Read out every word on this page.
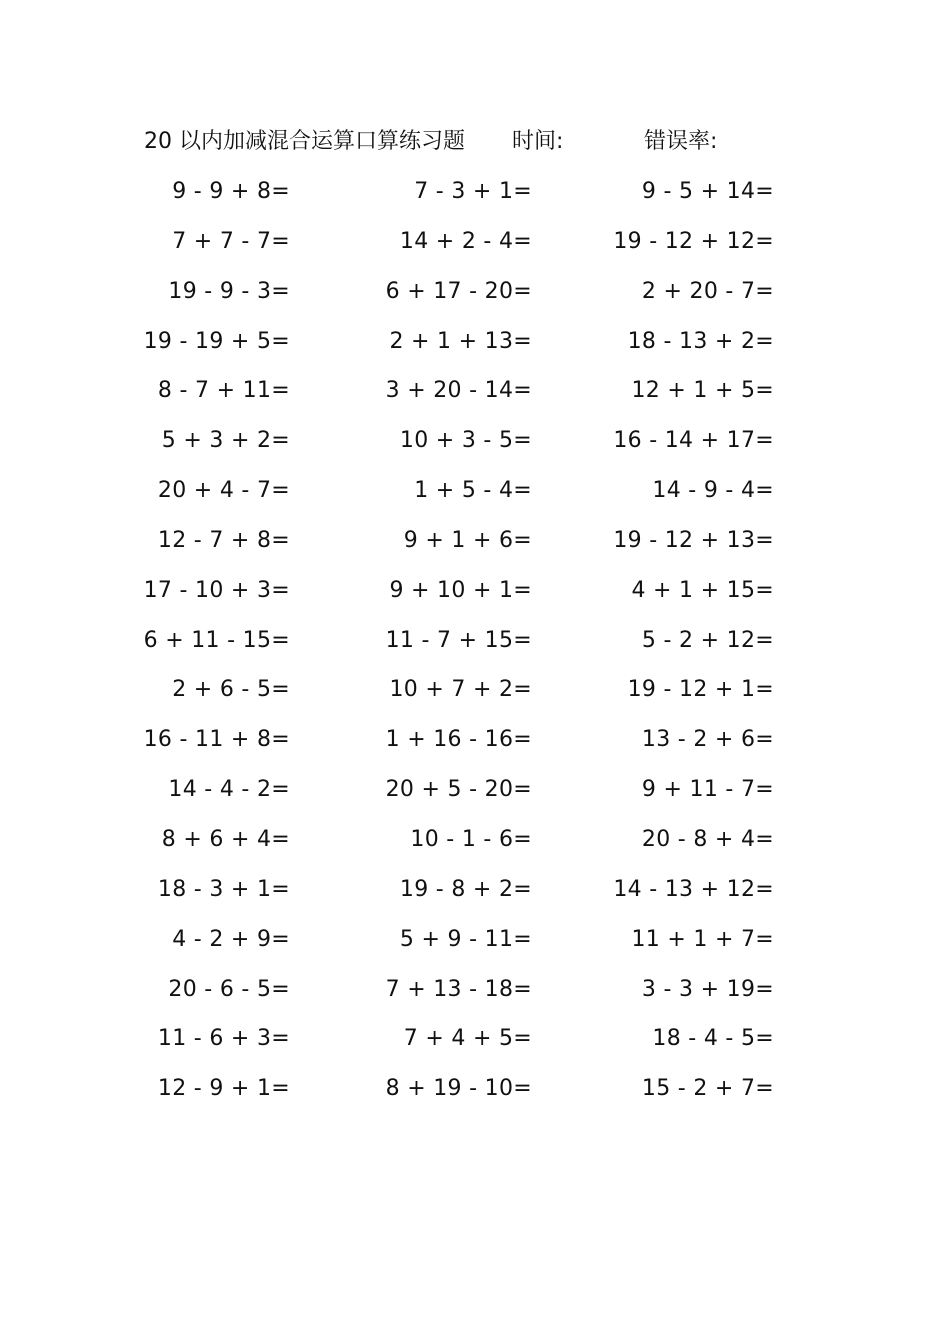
20 以内加减混合运算口算练习题 时间:	错误率:
9 - 9 + 8=	7 - 3 + 1=	9 - 5 + 14=
7 + 7 - 7=	14 + 2 - 4=	19 - 12 + 12=
19 - 9 - 3=	6 + 17 - 20=	2 + 20 - 7=
19 - 19 + 5=	2 + 1 + 13=	18 - 13 + 2=
8 - 7 + 11=	3 + 20 - 14=	12 + 1 + 5=
5 + 3 + 2=	10 + 3 - 5=	16 - 14 + 17=
20 + 4 - 7=	1 + 5 - 4=	14 - 9 - 4=
12 - 7 + 8=	9 + 1 + 6=	19 - 12 + 13=
17 - 10 + 3=	9 + 10 + 1=	4 + 1 + 15=
6 + 11 - 15=	11 - 7 + 15=	5 - 2 + 12=
2 + 6 - 5=	10 + 7 + 2=	19 - 12 + 1=
16 - 11 + 8=	1 + 16 - 16=	13 - 2 + 6=
14 - 4 - 2=	20 + 5 - 20=	9 + 11 - 7=
8 + 6 + 4=	10 - 1 - 6=	20 - 8 + 4=
18 - 3 + 1=	19 - 8 + 2=	14 - 13 + 12=
4 - 2 + 9=	5 + 9 - 11=	11 + 1 + 7=
20 - 6 - 5=	7 + 13 - 18=	3 - 3 + 19=
11 - 6 + 3=	7 + 4 + 5=	18 - 4 - 5=
12 - 9 + 1=	8 + 19 - 10=	15 - 2 + 7=
